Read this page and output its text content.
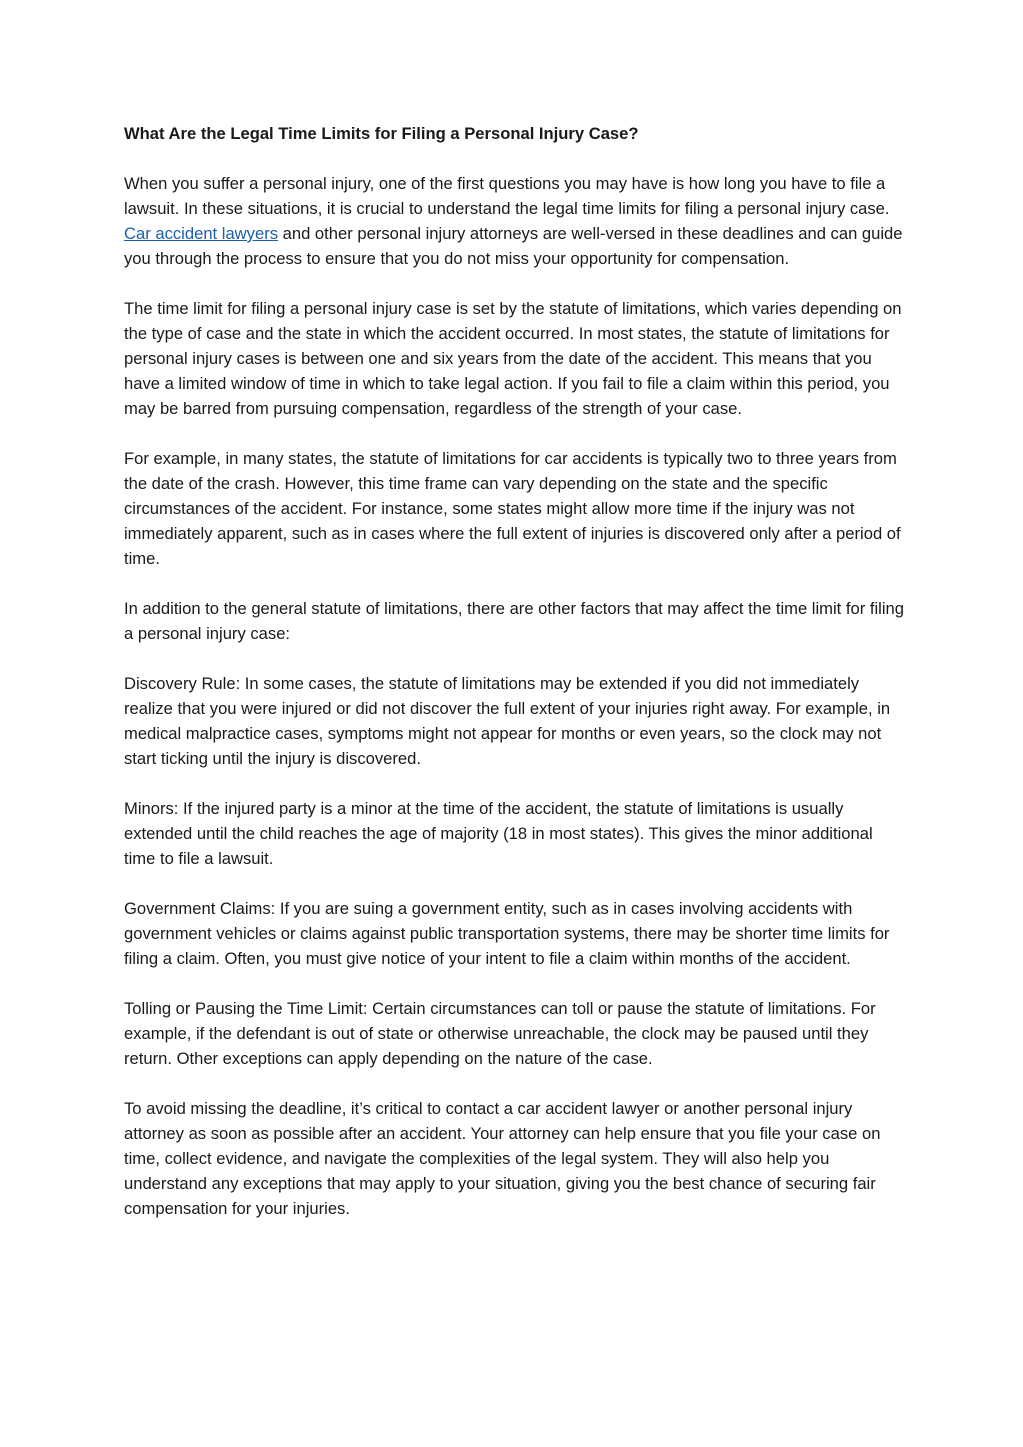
What Are the Legal Time Limits for Filing a Personal Injury Case?

When you suffer a personal injury, one of the first questions you may have is how long you have to file a lawsuit. In these situations, it is crucial to understand the legal time limits for filing a personal injury case. Car accident lawyers and other personal injury attorneys are well-versed in these deadlines and can guide you through the process to ensure that you do not miss your opportunity for compensation.

The time limit for filing a personal injury case is set by the statute of limitations, which varies depending on the type of case and the state in which the accident occurred. In most states, the statute of limitations for personal injury cases is between one and six years from the date of the accident. This means that you have a limited window of time in which to take legal action. If you fail to file a claim within this period, you may be barred from pursuing compensation, regardless of the strength of your case.

For example, in many states, the statute of limitations for car accidents is typically two to three years from the date of the crash. However, this time frame can vary depending on the state and the specific circumstances of the accident. For instance, some states might allow more time if the injury was not immediately apparent, such as in cases where the full extent of injuries is discovered only after a period of time.

In addition to the general statute of limitations, there are other factors that may affect the time limit for filing a personal injury case:

Discovery Rule: In some cases, the statute of limitations may be extended if you did not immediately realize that you were injured or did not discover the full extent of your injuries right away. For example, in medical malpractice cases, symptoms might not appear for months or even years, so the clock may not start ticking until the injury is discovered.

Minors: If the injured party is a minor at the time of the accident, the statute of limitations is usually extended until the child reaches the age of majority (18 in most states). This gives the minor additional time to file a lawsuit.

Government Claims: If you are suing a government entity, such as in cases involving accidents with government vehicles or claims against public transportation systems, there may be shorter time limits for filing a claim. Often, you must give notice of your intent to file a claim within months of the accident.

Tolling or Pausing the Time Limit: Certain circumstances can toll or pause the statute of limitations. For example, if the defendant is out of state or otherwise unreachable, the clock may be paused until they return. Other exceptions can apply depending on the nature of the case.

To avoid missing the deadline, it’s critical to contact a car accident lawyer or another personal injury attorney as soon as possible after an accident. Your attorney can help ensure that you file your case on time, collect evidence, and navigate the complexities of the legal system. They will also help you understand any exceptions that may apply to your situation, giving you the best chance of securing fair compensation for your injuries.
